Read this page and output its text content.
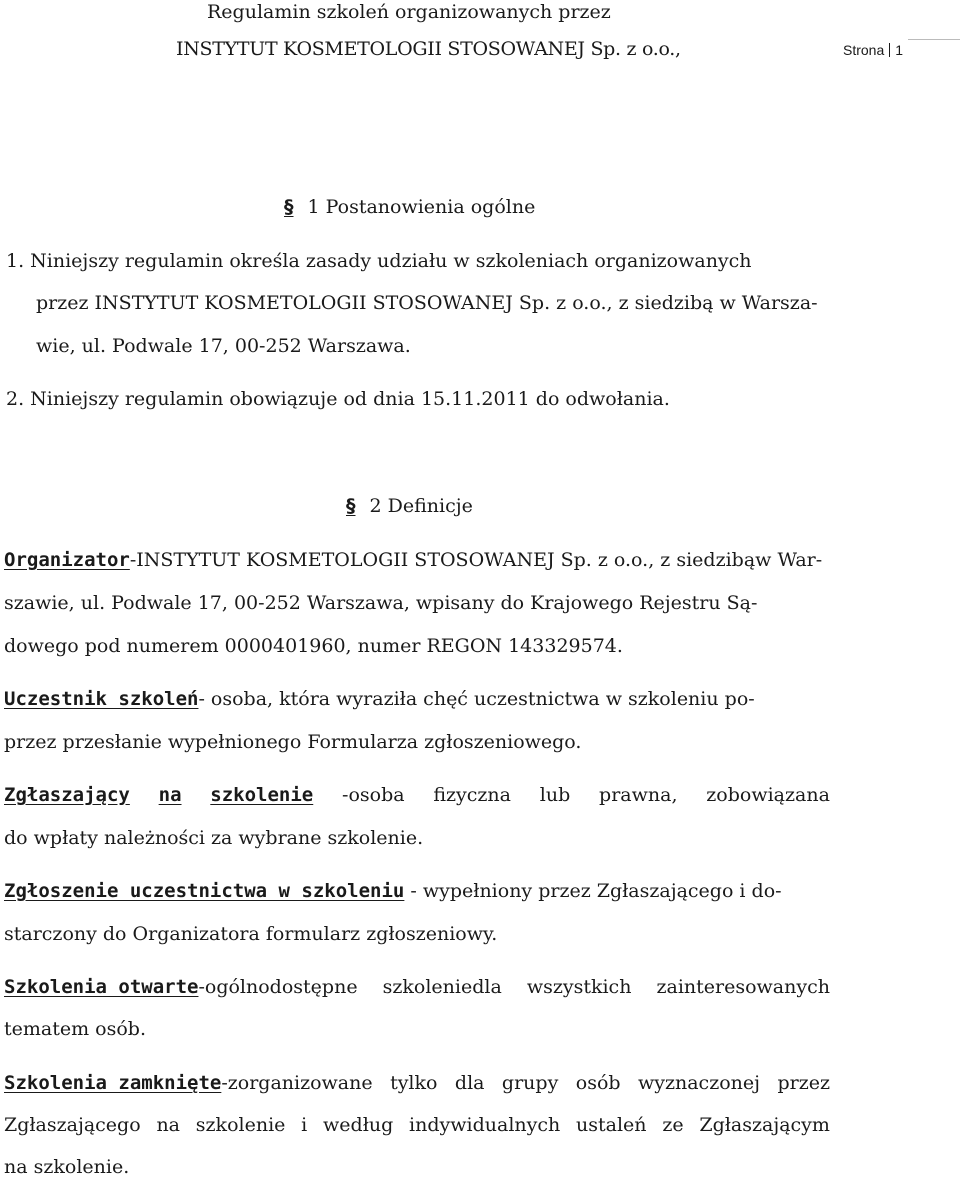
Regulamin szkoleń organizowanych przez
INSTYTUT KOSMETOLOGII STOSOWANEJ Sp. z o.o.,	Strona 1
§ 1 Postanowienia ogólne
1. Niniejszy regulamin określa zasady udziału w szkoleniach organizowanych
przez INSTYTUT KOSMETOLOGII STOSOWANEJ Sp. z o.o., z siedzibą w Warsza-
wie, ul. Podwale 17, 00-252 Warszawa.
2. Niniejszy regulamin obowiązuje od dnia 15.11.2011 do odwołania.
§ 2 Definicje
Organizator-INSTYTUT KOSMETOLOGII STOSOWANEJ Sp. z o.o., z siedzibąw War-
szawie, ul. Podwale 17, 00-252 Warszawa, wpisany do Krajowego Rejestru Są-
dowego pod numerem 0000401960, numer REGON 143329574.
Uczestnik szkoleń- osoba, która wyraziła chęć uczestnictwa w szkoleniu po-
przez przesłanie wypełnionego Formularza zgłoszeniowego.
Zgłaszający na szkolenie -osoba fizyczna lub prawna, zobowiązana
do wpłaty należności za wybrane szkolenie.
Zgłoszenie uczestnictwa w szkoleniu - wypełniony przez Zgłaszającego i do-
starczony do Organizatora formularz zgłoszeniowy.
Szkolenia otwarte-ogólnodostępne szkoleniedla wszystkich zainteresowanych
tematem osób.
Szkolenia zamknięte-zorganizowane tylko dla grupy osób wyznaczonej przez
Zgłaszającego na szkolenie i według indywidualnych ustaleń ze Zgłaszającym
na szkolenie.
